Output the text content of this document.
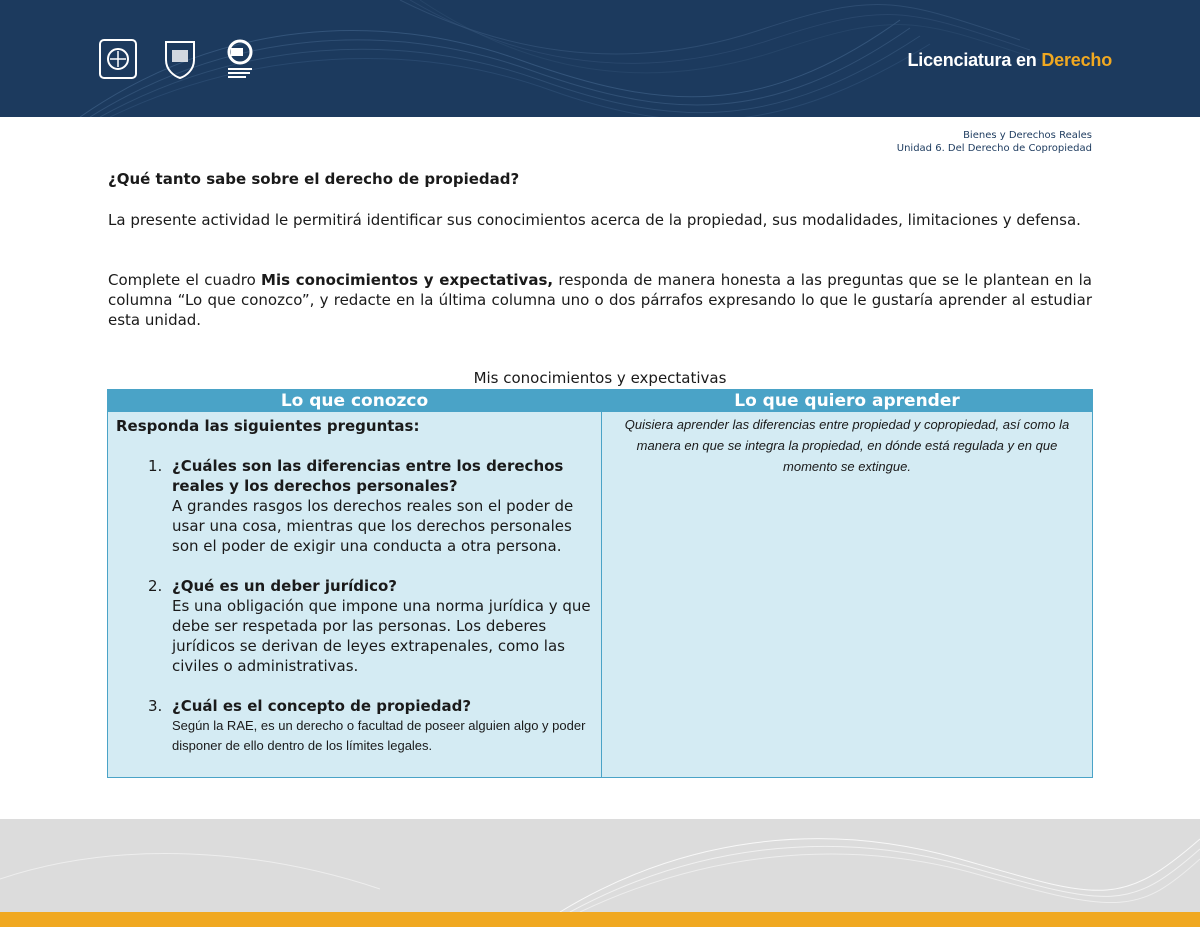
Licenciatura en Derecho
Bienes y Derechos Reales
Unidad 6. Del Derecho de Copropiedad
¿Qué tanto sabe sobre el derecho de propiedad?
La presente actividad le permitirá identificar sus conocimientos acerca de la propiedad, sus modalidades, limitaciones y defensa.
Complete el cuadro Mis conocimientos y expectativas, responda de manera honesta a las preguntas que se le plantean en la columna “Lo que conozco”, y redacte en la última columna uno o dos párrafos expresando lo que le gustaría aprender al estudiar esta unidad.
Mis conocimientos y expectativas
Lo que conozco	Lo que quiero aprender
Responda las siguientes preguntas:
1. ¿Cuáles son las diferencias entre los derechos reales y los derechos personales?
A grandes rasgos los derechos reales son el poder de usar una cosa, mientras que los derechos personales son el poder de exigir una conducta a otra persona.
2. ¿Qué es un deber jurídico?
Es una obligación que impone una norma jurídica y que debe ser respetada por las personas. Los deberes jurídicos se derivan de leyes extrapenales, como las civiles o administrativas.
3. ¿Cuál es el concepto de propiedad?
Según la RAE, es un derecho o facultad de poseer alguien algo y poder disponer de ello dentro de los límites legales.
Quisiera aprender las diferencias entre propiedad y copropiedad, así como la manera en que se integra la propiedad, en dónde está regulada y en que momento se extingue.
